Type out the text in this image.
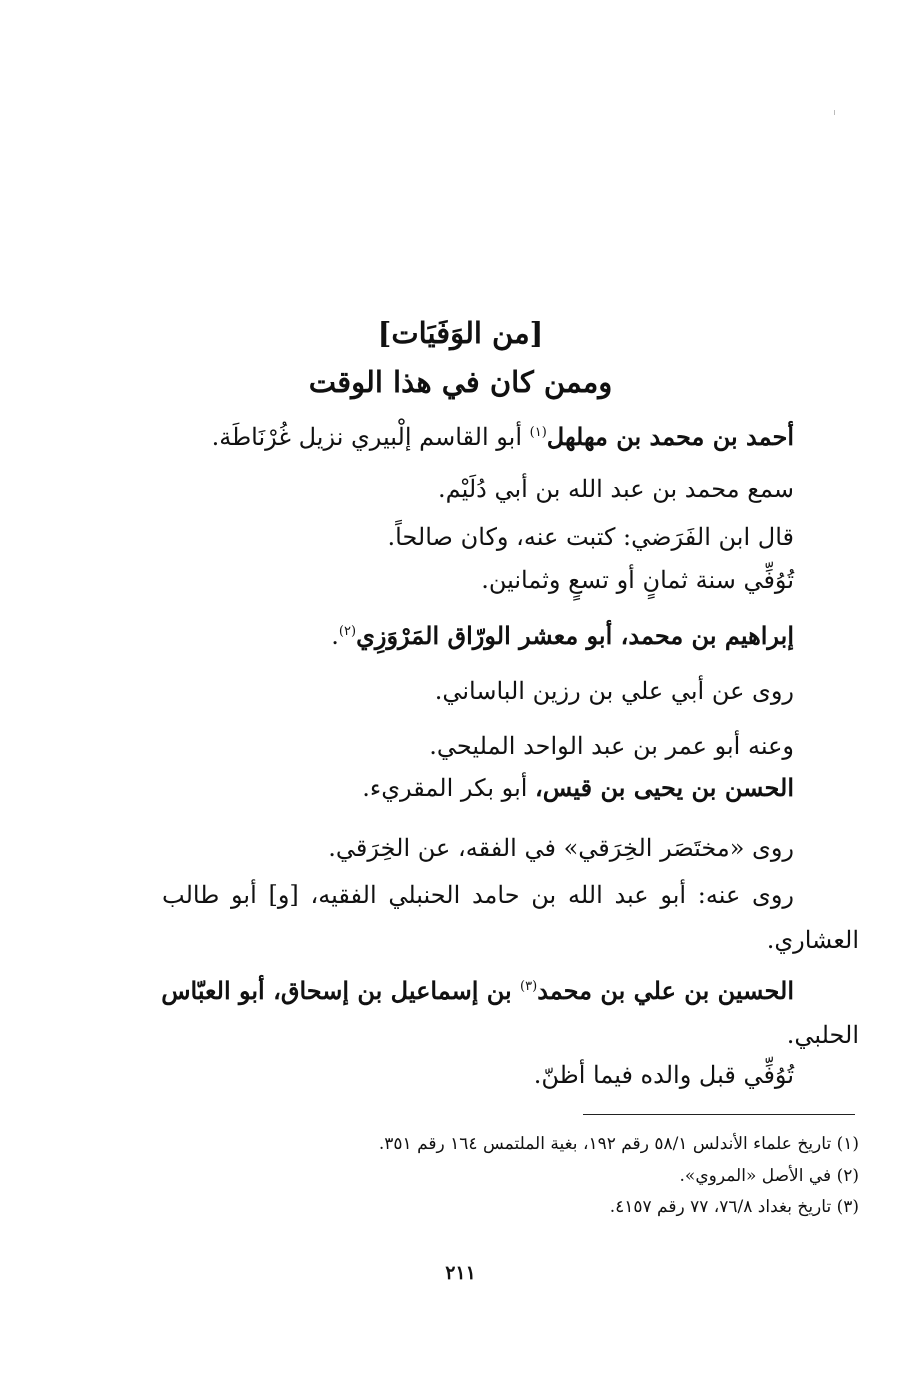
[من الوَفَيَات]
وممن كان في هذا الوقت
أحمد بن محمد بن مهلهل$^{(١)}$ أبو القاسم إلْبيري نزيل غُرْنَاطَة.
سمع محمد بن عبد الله بن أبي دُلَيْم.
قال ابن الفَرَضي: كتبت عنه، وكان صالحاً.
تُوُفِّي سنة ثمانٍ أو تسعٍ وثمانين.
إبراهيم بن محمد، أبو معشر الورّاق المَرْوَزِي$^{(٢)}$.
روى عن أبي علي بن رزين الباساني.
وعنه أبو عمر بن عبد الواحد المليحي.
الحسن بن يحيى بن قيس، أبو بكر المقريء.
روى «مختَصَر الخِرَقي» في الفقه، عن الخِرَقي.
روى عنه: أبو عبد الله بن حامد الحنبلي الفقيه، [و] أبو طالب
العشاري.
الحسين بن علي بن محمد$^{(٣)}$ بن إسماعيل بن إسحاق، أبو العبّاس
الحلبي.
تُوُفِّي قبل والده فيما أظنّ.
(١) تاريخ علماء الأندلس ٥٨/١ رقم ١٩٢، بغية الملتمس ١٦٤ رقم ٣٥١.
(٢) في الأصل «المروي».
(٣) تاريخ بغداد ٧٦/٨، ٧٧ رقم ٤١٥٧.
٢١١
